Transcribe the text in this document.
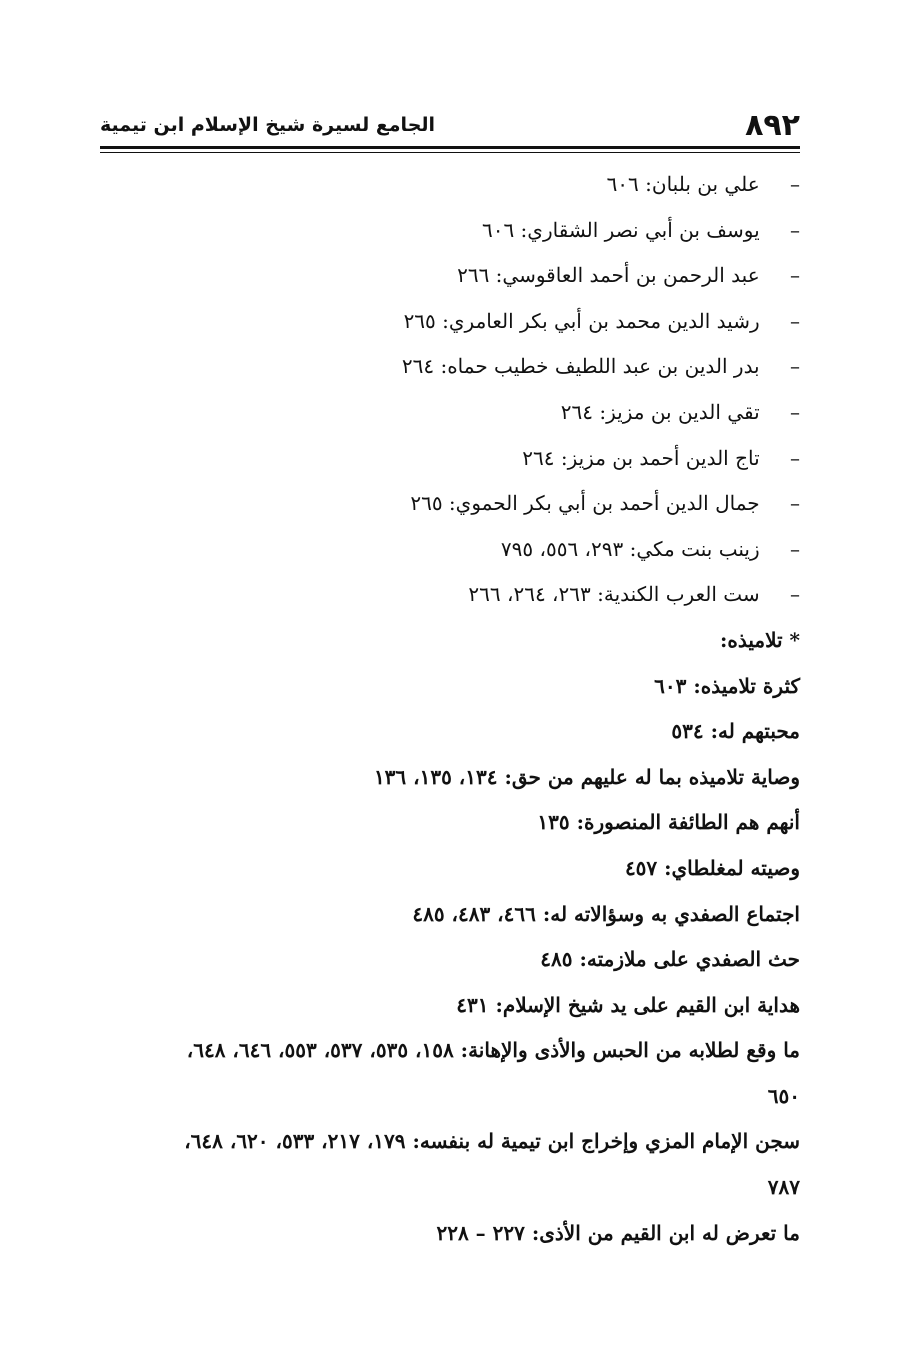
٨٩٢
الجامع لسيرة شيخ الإسلام ابن تيمية
– علي بن بلبان: ٦٠٦
– يوسف بن أبي نصر الشقاري: ٦٠٦
– عبد الرحمن بن أحمد العاقوسي: ٢٦٦
– رشيد الدين محمد بن أبي بكر العامري: ٢٦٥
– بدر الدين بن عبد اللطيف خطيب حماه: ٢٦٤
– تقي الدين بن مزيز: ٢٦٤
– تاج الدين أحمد بن مزيز: ٢٦٤
– جمال الدين أحمد بن أبي بكر الحموي: ٢٦٥
– زينب بنت مكي: ٢٩٣، ٥٥٦، ٧٩٥
– ست العرب الكندية: ٢٦٣، ٢٦٤، ٢٦٦
* تلاميذه:
كثرة تلاميذه: ٦٠٣
محبتهم له: ٥٣٤
وصاية تلاميذه بما له عليهم من حق: ١٣٤، ١٣٥، ١٣٦
أنهم هم الطائفة المنصورة: ١٣٥
وصيته لمغلطاي: ٤٥٧
اجتماع الصفدي به وسؤالاته له: ٤٦٦، ٤٨٣، ٤٨٥
حث الصفدي على ملازمته: ٤٨٥
هداية ابن القيم على يد شيخ الإسلام: ٤٣١
ما وقع لطلابه من الحبس والأذى والإهانة: ١٥٨، ٥٣٥، ٥٣٧، ٥٥٣، ٦٤٦، ٦٤٨،
٦٥٠
سجن الإمام المزي وإخراج ابن تيمية له بنفسه: ١٧٩، ٢١٧، ٥٣٣، ٦٢٠، ٦٤٨،
٧٨٧
ما تعرض له ابن القيم من الأذى: ٢٢٧ – ٢٢٨
